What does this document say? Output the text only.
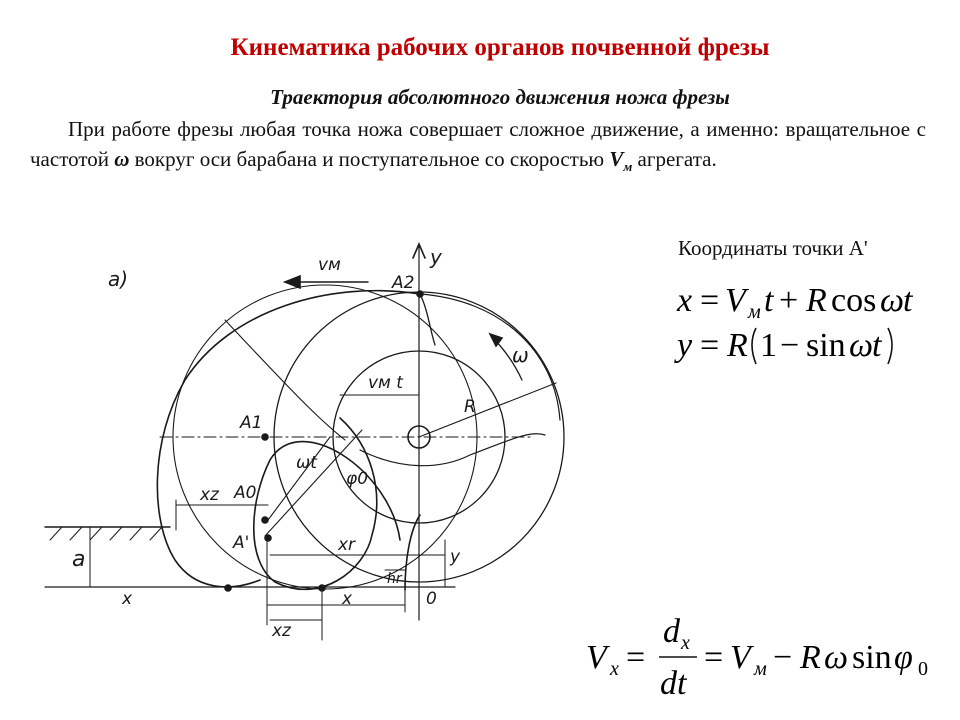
Кинематика рабочих органов почвенной фрезы
Траектория абсолютного движения ножа фрезы
При работе фрезы любая точка ножа совершает сложное движение, а именно: вращательное с частотой ω вокруг оси барабана и поступательное со скоростью $V_м$ агрегата.
Координаты точки А'
x = V м t + R cos ω
t
y = R 1 − sin ω
t
V x =
d x
dt
= V м − R ω sin φ 0
a)
vм
A2
y
ω
vм t
R
A1
ωt
φ0
xz A0
A'	xr
hr
y
a
x	x	0
xz
